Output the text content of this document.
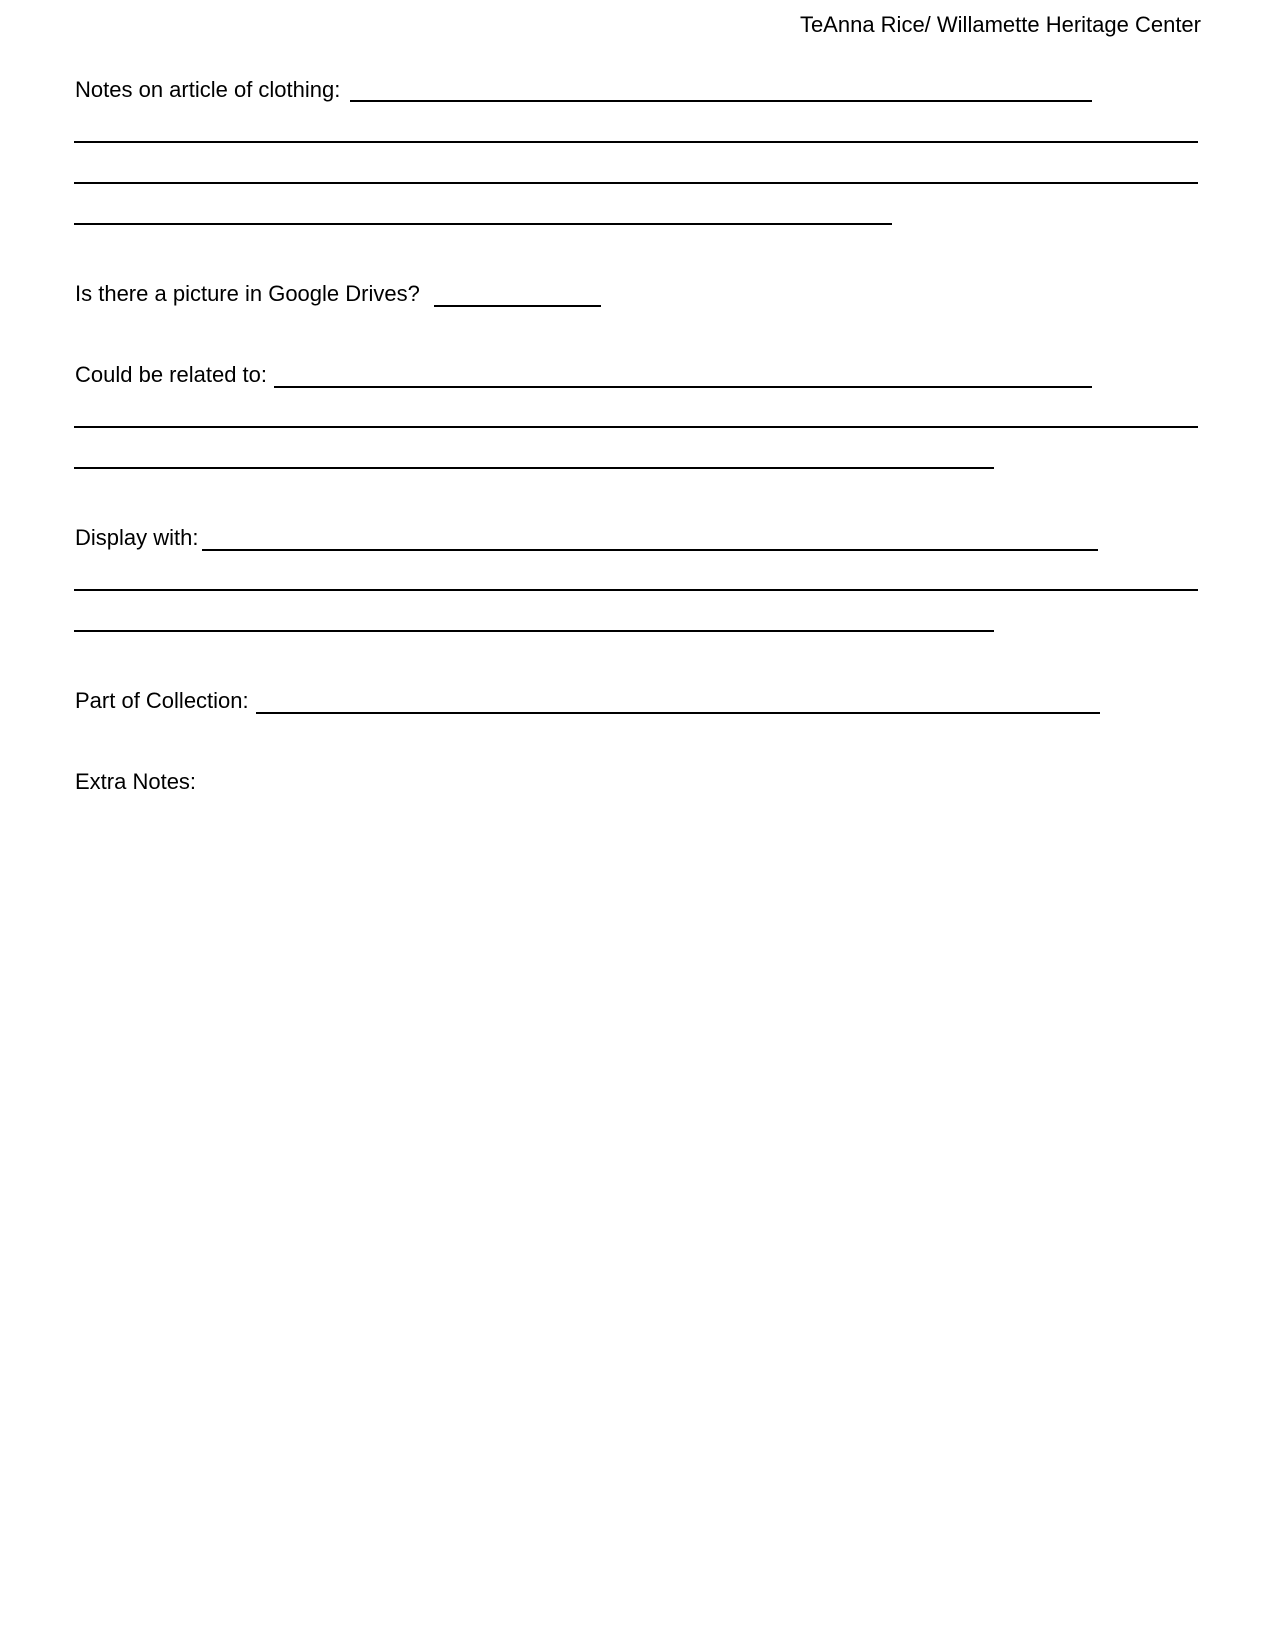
TeAnna Rice/ Willamette Heritage Center
Notes on article of clothing:
Is there a picture in Google Drives?
Could be related to:
Display with:
Part of Collection:
Extra Notes:
